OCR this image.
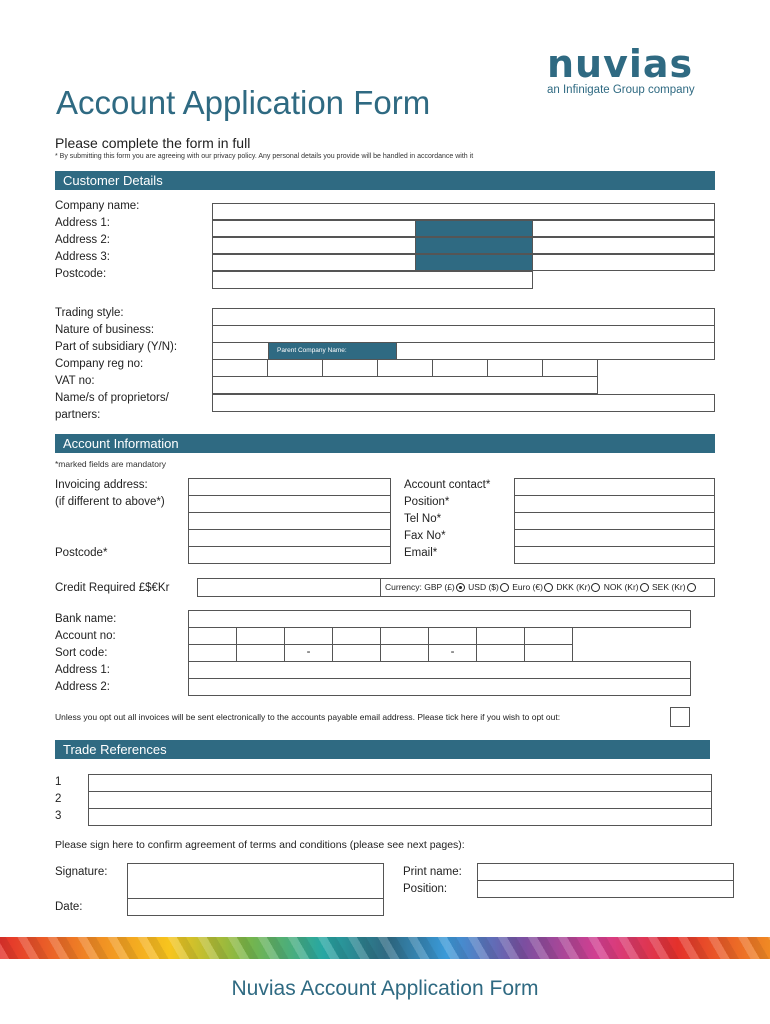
nuvias
an Infinigate Group company
Account Application Form
Please complete the form in full
* By submitting this form you are agreeing with our privacy policy. Any personal details you provide will be handled in accordance with it
Customer Details
Company name:
Address 1:
Address 2:
Address 3:
Postcode:
Trading style:
Nature of business:
Part of subsidiary (Y/N):
Company reg no:
VAT no:
Name/s of proprietors/
partners:
Parent Company Name:
Account Information
*marked fields are mandatory
Invoicing address:
(if different to above*)
Postcode*
Account contact*
Position*
Tel No*
Fax No*
Email*
Credit Required £$€Kr	Currency: GBP (£) USD ($) Euro (€) DKK (Kr) NOK (Kr) SEK (Kr)
Bank name:
Account no:
Sort code:
Address 1:
Address 2:
-	-
Unless you opt out all invoices will be sent electronically to the accounts payable email address. Please tick here if you wish to opt out:
Trade References
1
2
3
Please sign here to confirm agreement of terms and conditions (please see next pages):
Signature:
Date:
Print name:
Position:
Nuvias Account Application Form
